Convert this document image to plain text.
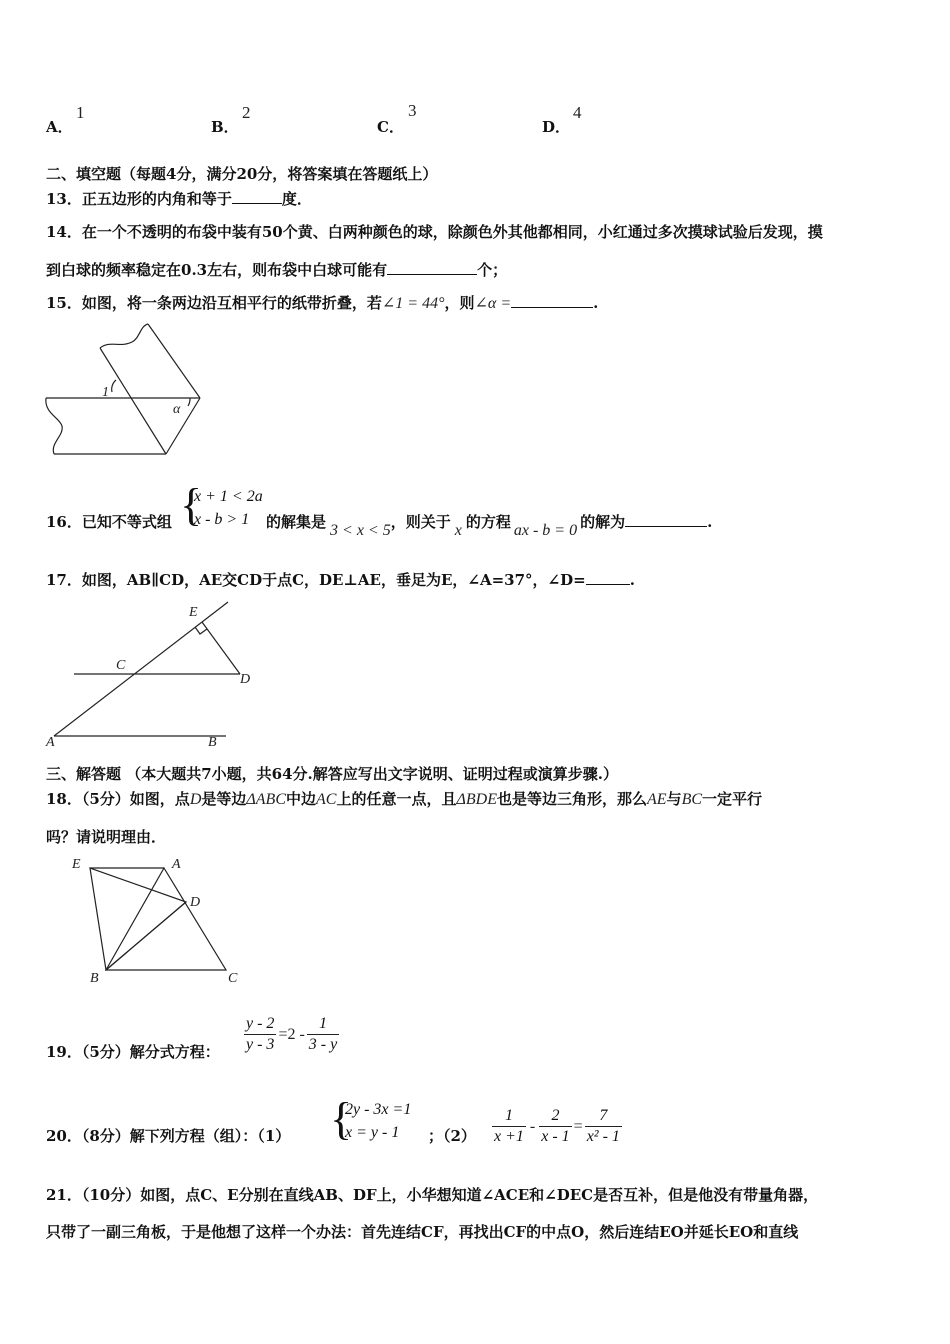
A．
1
B．
2
C．
3
D．
4
二、填空题（每题4分，满分20分，将答案填在答题纸上）
13．正五边形的内角和等于	度．
14．在一个不透明的布袋中装有50个黄、白两种颜色的球，除颜色外其他都相同，小红通过多次摸球试验后发现，摸
到白球的频率稳定在0.3左右，则布袋中白球可能有	个；
15．如图，将一条两边沿互相平行的纸带折叠，若∠1 = 44°，则∠α =	.
1
α
16．已知不等式组 {
x + 1 < 2a
x - b > 1	的解集是 3 < x < 5，则关于 x 的方程 ax - b = 0 的解为	.
17．如图，AB∥CD，AE交CD于点C，DE⊥AE，垂足为E，∠A=37°，∠D=	.
E
C
D
A	B
三、解答题 （本大题共7小题，共64分.解答应写出文字说明、证明过程或演算步骤.）
18．（5分）如图，点D是等边ΔABC中边AC上的任意一点，且ΔBDE也是等边三角形，那么AE与BC一定平行
吗？请说明理由．
E	A
D
B	C
19．（5分）解分式方程： $\frac{y - 2}{y - 3} =2 - \frac{1}{3 - y}$
20．（8分）解下列方程（组）：（1） {
2y - 3x =1
x = y - 1	；$(2) \frac{1}{x +1} - \frac{2}{x - 1} = \frac{7}{\text{x² - 1}}$
21．（10分）如图，点C、E分别在直线AB、DF上，小华想知道∠ACE和∠DEC是否互补，但是他没有带量角器，
只带了一副三角板，于是他想了这样一个办法：首先连结CF，再找出CF的中点O，然后连结EO并延长EO和直线
